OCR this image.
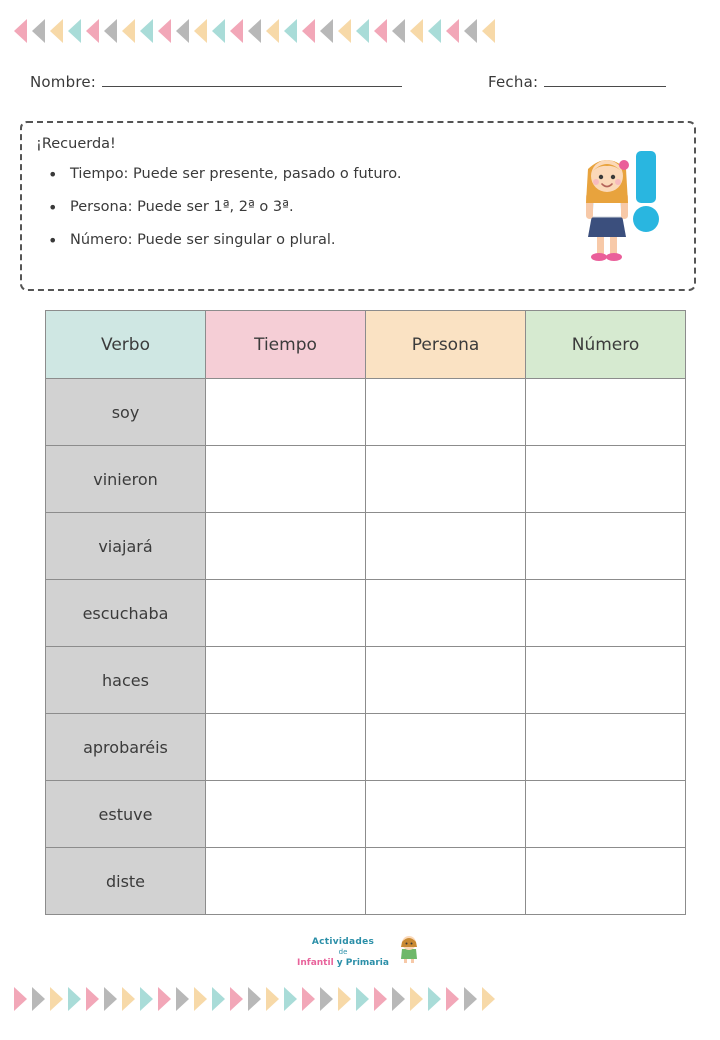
Nombre:	Fecha:
¡Recuerda!
• Tiempo: Puede ser presente, pasado o futuro.
• Persona: Puede ser 1ª, 2ª o 3ª.
• Número: Puede ser singular o plural.
Verbo	Tiempo	Persona	Número
soy			
vinieron			
viajará			
escuchaba			
haces			
aprobaréis			
estuve			
diste			
Actividades
de
Infantil y Primaria
